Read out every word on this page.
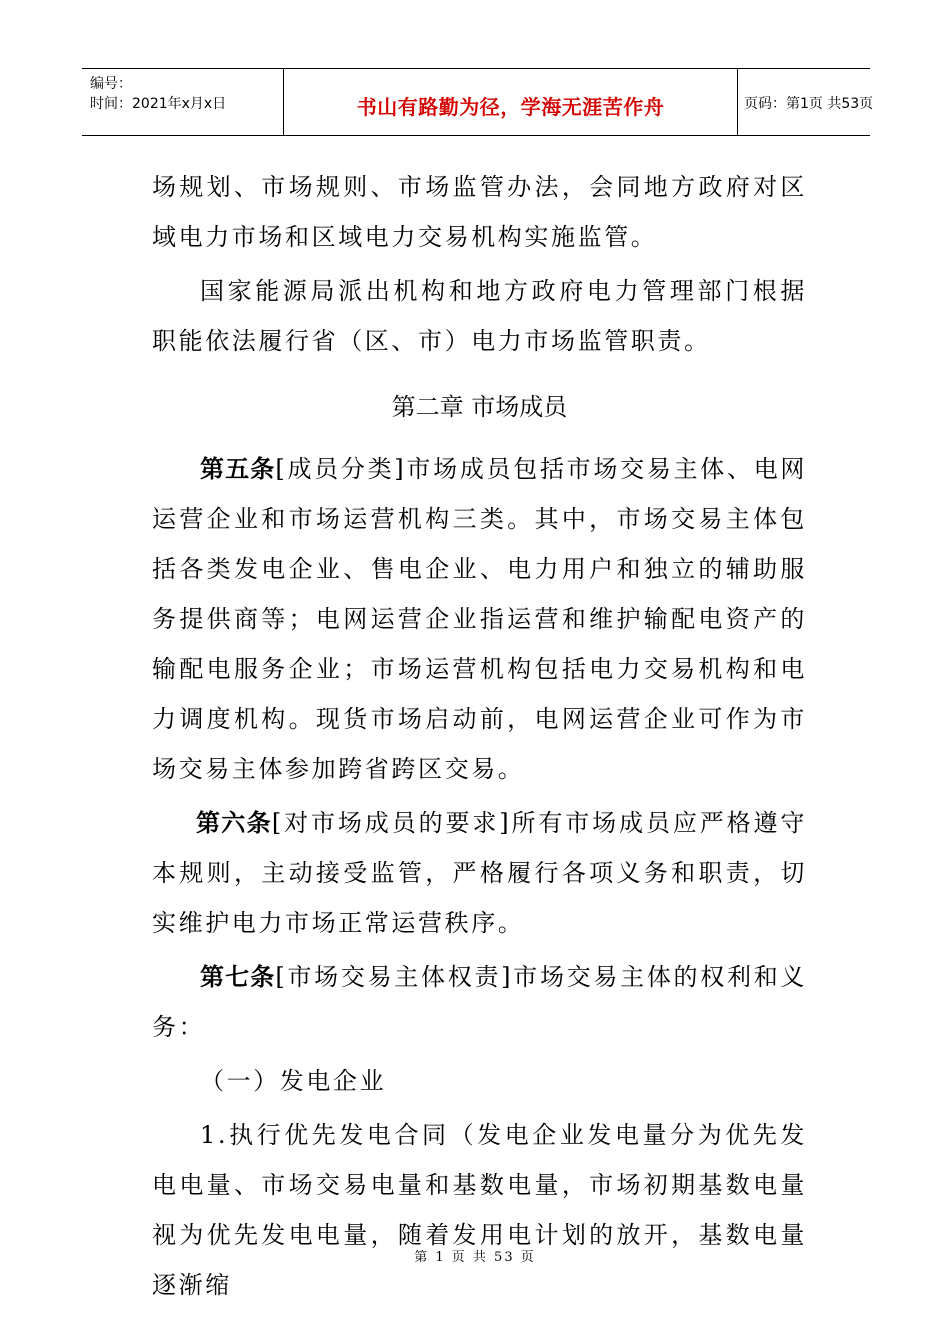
编号：
时间：2021年x月x日	书山有路勤为径，学海无涯苦作舟	页码：第1页 共53页

场规划、市场规则、市场监管办法，会同地方政府对区域电力市场和区域电力交易机构实施监管。

国家能源局派出机构和地方政府电力管理部门根据职能依法履行省（区、市）电力市场监管职责。

第二章 市场成员

第五条[成员分类]市场成员包括市场交易主体、电网运营企业和市场运营机构三类。其中，市场交易主体包括各类发电企业、售电企业、电力用户和独立的辅助服务提供商等；电网运营企业指运营和维护输配电资产的输配电服务企业；市场运营机构包括电力交易机构和电力调度机构。现货市场启动前，电网运营企业可作为市场交易主体参加跨省跨区交易。

第六条[对市场成员的要求]所有市场成员应严格遵守本规则，主动接受监管，严格履行各项义务和职责，切实维护电力市场正常运营秩序。

第七条[市场交易主体权责]市场交易主体的权利和义务：

（一）发电企业

1.执行优先发电合同（发电企业发电量分为优先发电电量、市场交易电量和基数电量，市场初期基数电量视为优先发电电量，随着发用电计划的放开，基数电量逐渐缩

第 1 页 共 53 页
